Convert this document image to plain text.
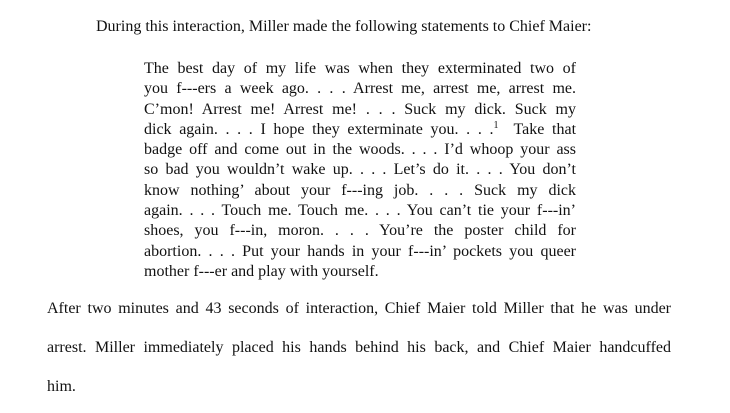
During this interaction, Miller made the following statements to Chief Maier:

The best day of my life was when they exterminated two of
you f---ers a week ago. . . . Arrest me, arrest me, arrest me.
C’mon! Arrest me! Arrest me! . . . Suck my dick. Suck my
dick again. . . . I hope they exterminate you. . . .$^1$  Take that
badge off and come out in the woods. . . . I’d whoop your ass
so bad you wouldn’t wake up. . . . Let’s do it. . . . You don’t
know nothing’ about your f---ing job. . . . Suck my dick
again. . . . Touch me. Touch me. . . . You can’t tie your f---in’
shoes, you f---in, moron. . . . You’re the poster child for
abortion. . . . Put your hands in your f---in’ pockets you queer
mother f---er and play with yourself.
After two minutes and 43 seconds of interaction, Chief Maier told Miller that he was under
arrest. Miller immediately placed his hands behind his back, and Chief Maier handcuffed
him.
